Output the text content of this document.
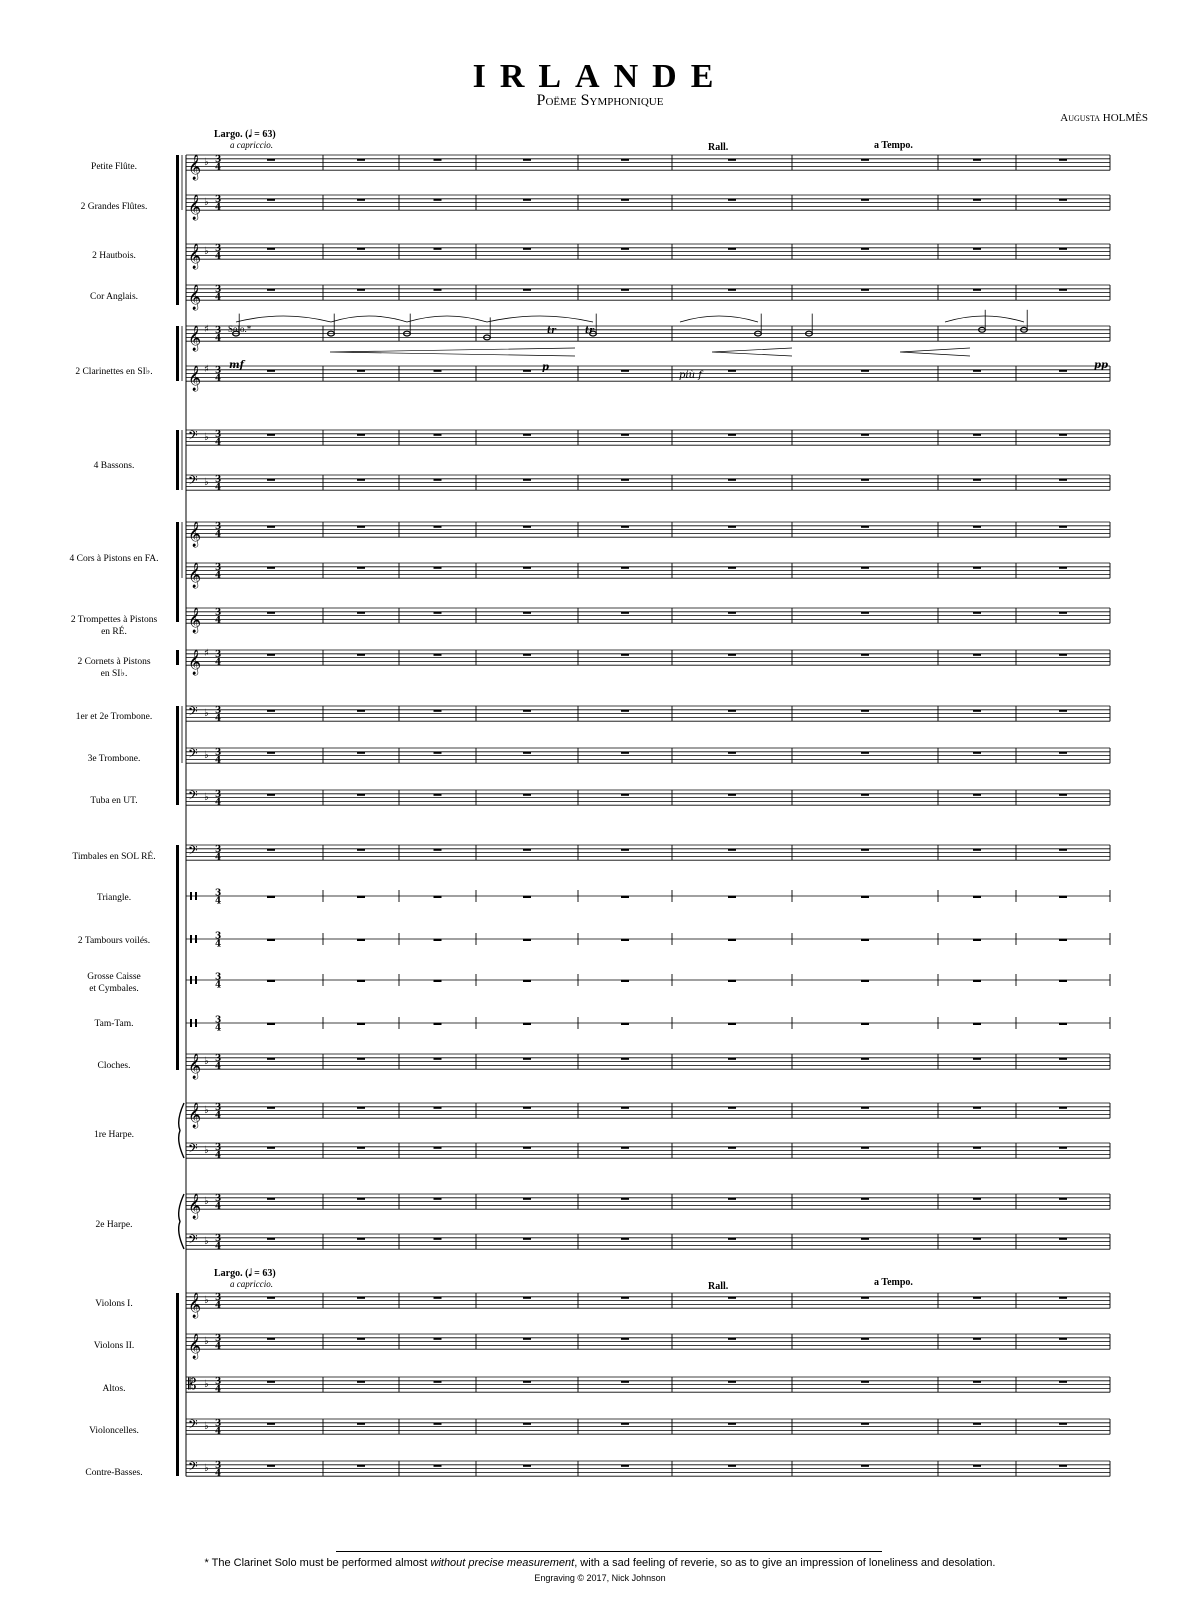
IRLANDE
Poëme Symphonique
Augusta HOLMÈS
Largo. (𝅗𝅥 = 63)
a capriccio.	Rall.	a Tempo.
Largo. (𝅗𝅥 = 63)
a capriccio.	Rall.	a Tempo.
Petite Flûte.
2 Grandes Flûtes.
2 Hautbois.
Cor Anglais.
2 Clarinettes en SI♭.
4 Bassons.
4 Cors à Pistons en FA.
2 Trompettes à Pistons
en RÉ.
2 Cornets à Pistons
en SI♭.
1er et 2e Trombone.
3e Trombone.
Tuba en UT.
Timbales en SOL RÉ.
Triangle.
2 Tambours voilés.
Grosse Caisse
et Cymbales.
Tam-Tam.
Cloches.
1re Harpe.
2e Harpe.
Violons I.
Violons II.
Altos.
Violoncelles.
Contre-Basses.
𝄞 ♭ 3
4
𝄞 ♭ 3
4
𝄞 ♭ 3
4
𝄞 3
4
𝄞 ♯ 3
4
𝄞 ♯ 3
4
𝄢 ♭ 3
4
𝄢 ♭ 3
4
𝄞 3
4
𝄞 3
4
𝄞 3
4
𝄞 ♯ 3
4
𝄢 ♭ 3
4
𝄢 ♭ 3
4
𝄢 ♭ 3
4
𝄢 3
4
3
4
3
4
3
4
3
4
𝄞 ♭ 3
4
𝄞 ♭ 3
4
𝄢 ♭ 3
4
𝄞 ♭ 3
4
𝄢 ♭ 3
4
𝄞 ♭ 3
4
𝄞 ♭ 3
4
𝄡 ♭ 3
4
𝄢 ♭ 3
4
𝄢 ♭ 3
4
Solo.*
mf	p
più f
pp
tr	tr
* The Clarinet Solo must be performed almost without precise measurement, with a sad feeling of reverie, so as to give an impression of loneliness and desolation.
Engraving © 2017, Nick Johnson
